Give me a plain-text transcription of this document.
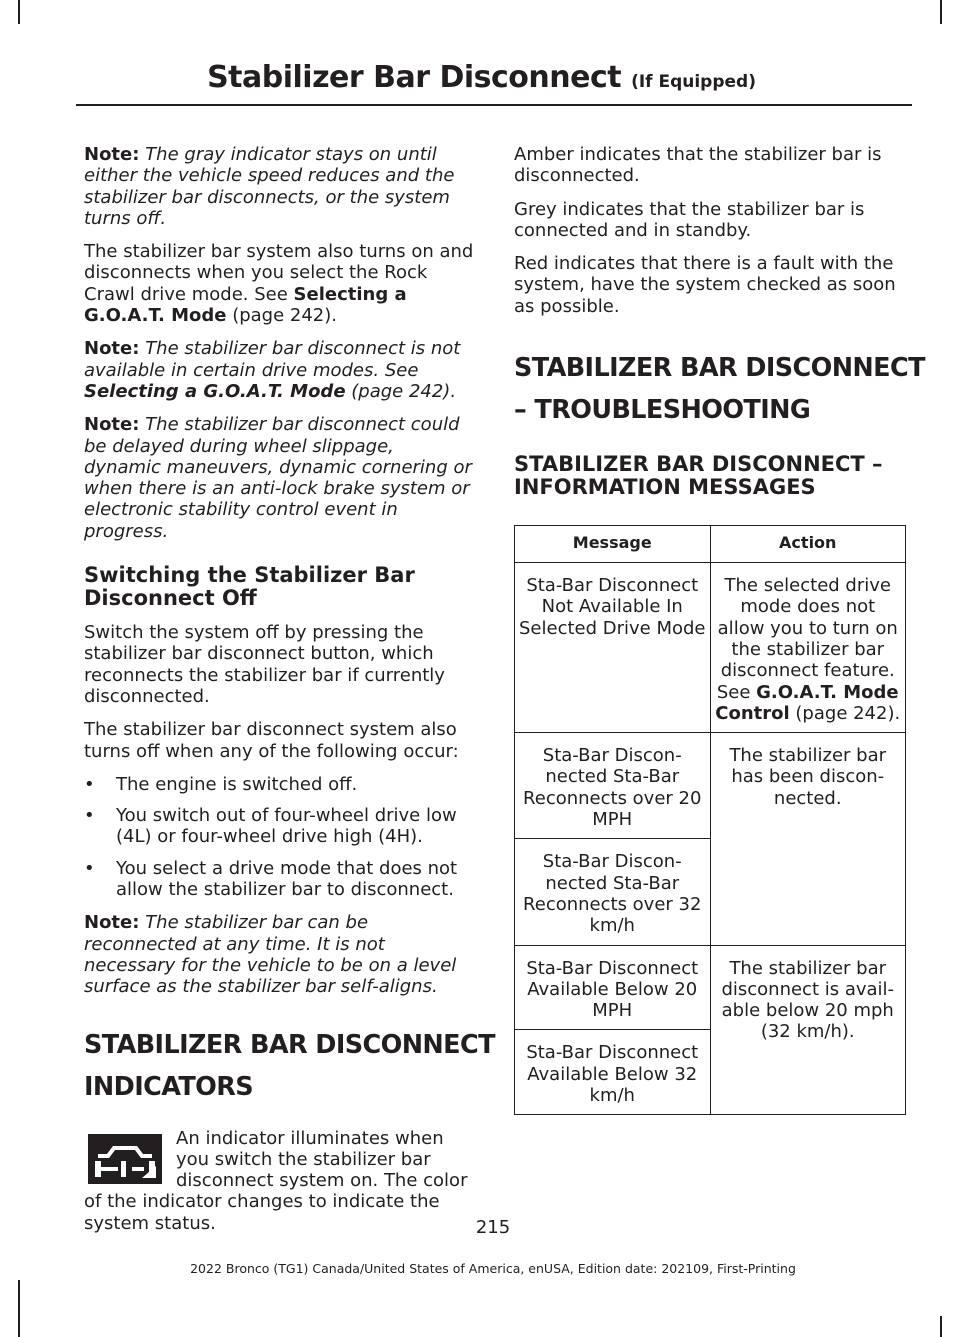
Stabilizer Bar Disconnect (If Equipped)

Note: The gray indicator stays on until either the vehicle speed reduces and the stabilizer bar disconnects, or the system turns off.

The stabilizer bar system also turns on and disconnects when you select the Rock Crawl drive mode. See Selecting a G.O.A.T. Mode (page 242).

Note: The stabilizer bar disconnect is not available in certain drive modes. See Selecting a G.O.A.T. Mode (page 242).

Note: The stabilizer bar disconnect could be delayed during wheel slippage, dynamic maneuvers, dynamic cornering or when there is an anti-lock brake system or electronic stability control event in progress.

Switching the Stabilizer Bar Disconnect Off

Switch the system off by pressing the stabilizer bar disconnect button, which reconnects the stabilizer bar if currently disconnected.

The stabilizer bar disconnect system also turns off when any of the following occur:

• The engine is switched off.
• You switch out of four-wheel drive low (4L) or four-wheel drive high (4H).
• You select a drive mode that does not allow the stabilizer bar to disconnect.

Note: The stabilizer bar can be reconnected at any time. It is not necessary for the vehicle to be on a level surface as the stabilizer bar self-aligns.

STABILIZER BAR DISCONNECT
INDICATORS

An indicator illuminates when you switch the stabilizer bar disconnect system on. The color

of the indicator changes to indicate the system status.

Amber indicates that the stabilizer bar is disconnected.

Grey indicates that the stabilizer bar is connected and in standby.

Red indicates that there is a fault with the system, have the system checked as soon as possible.

STABILIZER BAR DISCONNECT
– TROUBLESHOOTING
STABILIZER BAR DISCONNECT – INFORMATION MESSAGES
Message	Action
Sta-Bar Disconnect Not Available In Selected Drive Mode	The selected drive mode does not allow you to turn on the stabilizer bar disconnect feature. See G.O.A.T. Mode Control (page 242).
Sta-Bar Discon-nected Sta-Bar Reconnects over 20 MPH	The stabilizer bar has been discon-nected.
Sta-Bar Discon-nected Sta-Bar Reconnects over 32 km/h	
Sta-Bar Disconnect Available Below 20 MPH	The stabilizer bar disconnect is avail-able below 20 mph (32 km/h).
Sta-Bar Disconnect Available Below 32 km/h	
215
2022 Bronco (TG1) Canada/United States of America, enUSA, Edition date: 202109, First-Printing
